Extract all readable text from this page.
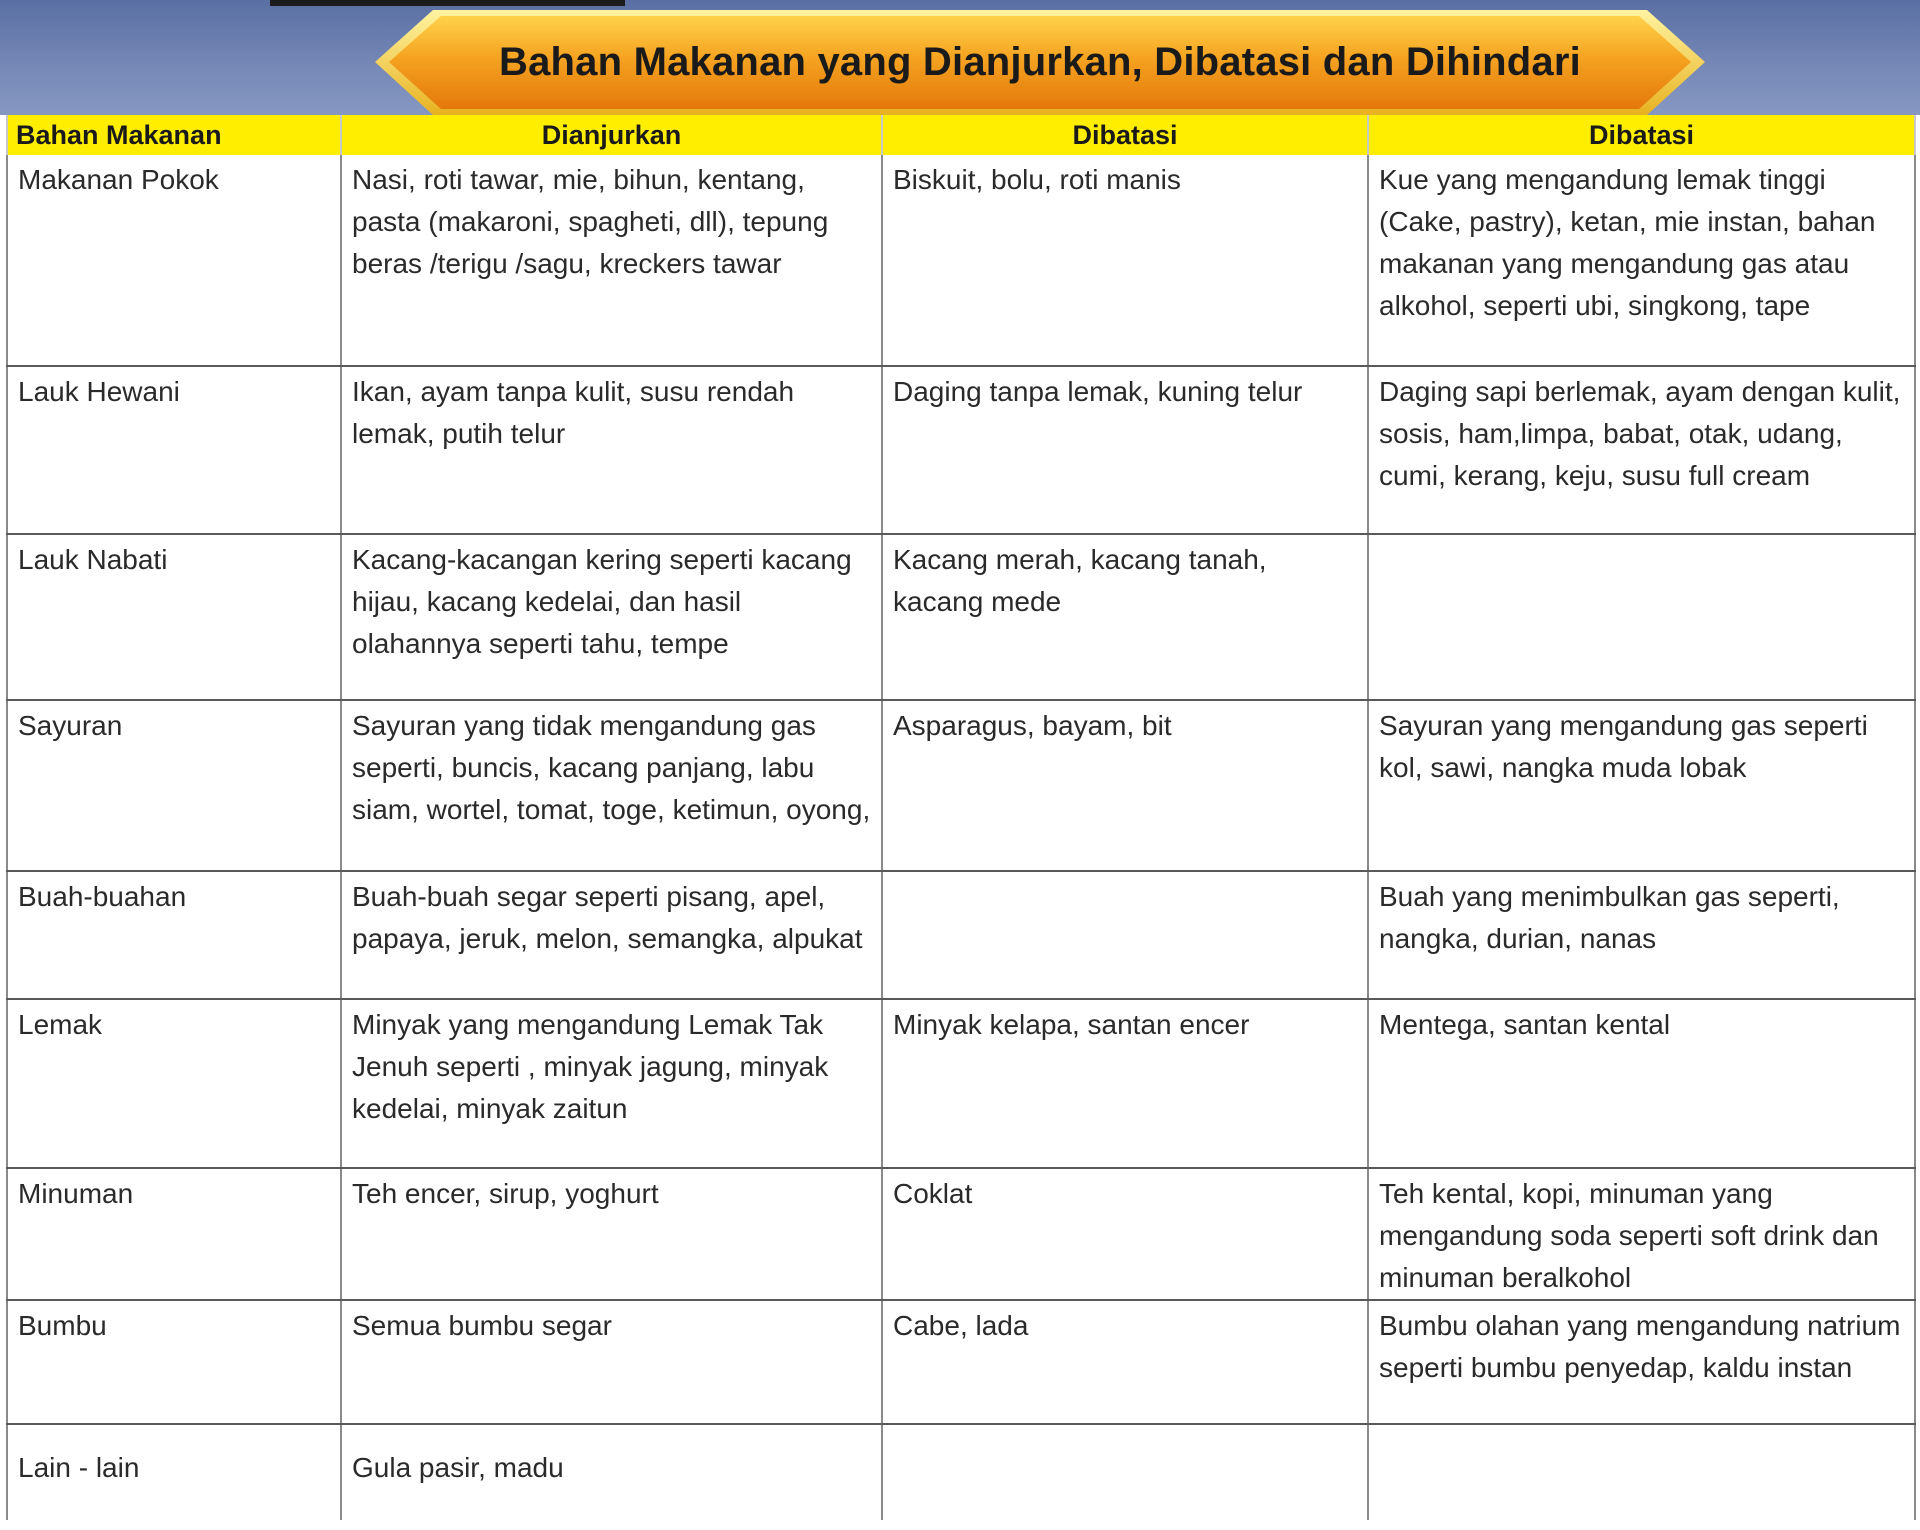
Bahan Makanan yang Dianjurkan, Dibatasi dan Dihindari
Bahan Makanan	Dianjurkan	Dibatasi	Dibatasi
Makanan Pokok	Nasi, roti tawar, mie, bihun, kentang, pasta (makaroni, spagheti, dll), tepung beras /terigu /sagu, kreckers tawar	Biskuit, bolu, roti manis	Kue yang mengandung lemak tinggi (Cake, pastry), ketan, mie instan, bahan makanan yang mengandung gas atau alkohol, seperti ubi, singkong, tape
Lauk Hewani	Ikan, ayam tanpa kulit, susu rendah lemak, putih telur	Daging tanpa lemak, kuning telur	Daging sapi berlemak, ayam dengan kulit, sosis, ham,limpa, babat, otak, udang, cumi, kerang, keju, susu full cream
Lauk Nabati	Kacang-kacangan kering seperti kacang hijau, kacang kedelai, dan hasil olahannya seperti tahu, tempe	Kacang merah, kacang tanah, kacang mede	
Sayuran	Sayuran yang tidak mengandung gas seperti, buncis, kacang panjang, labu siam, wortel, tomat, toge, ketimun, oyong,	Asparagus, bayam, bit	Sayuran yang mengandung gas seperti kol, sawi, nangka muda lobak
Buah-buahan	Buah-buah segar seperti pisang, apel, papaya, jeruk, melon, semangka, alpukat		Buah yang menimbulkan gas seperti, nangka, durian, nanas
Lemak	Minyak yang mengandung Lemak Tak Jenuh seperti , minyak jagung, minyak kedelai, minyak zaitun	Minyak kelapa, santan encer	Mentega, santan kental
Minuman	Teh encer, sirup, yoghurt	Coklat	Teh kental, kopi, minuman yang mengandung soda seperti soft drink dan minuman beralkohol
Bumbu	Semua bumbu segar	Cabe, lada	Bumbu olahan yang mengandung natrium seperti bumbu penyedap, kaldu instan
Lain - lain	Gula pasir, madu		
